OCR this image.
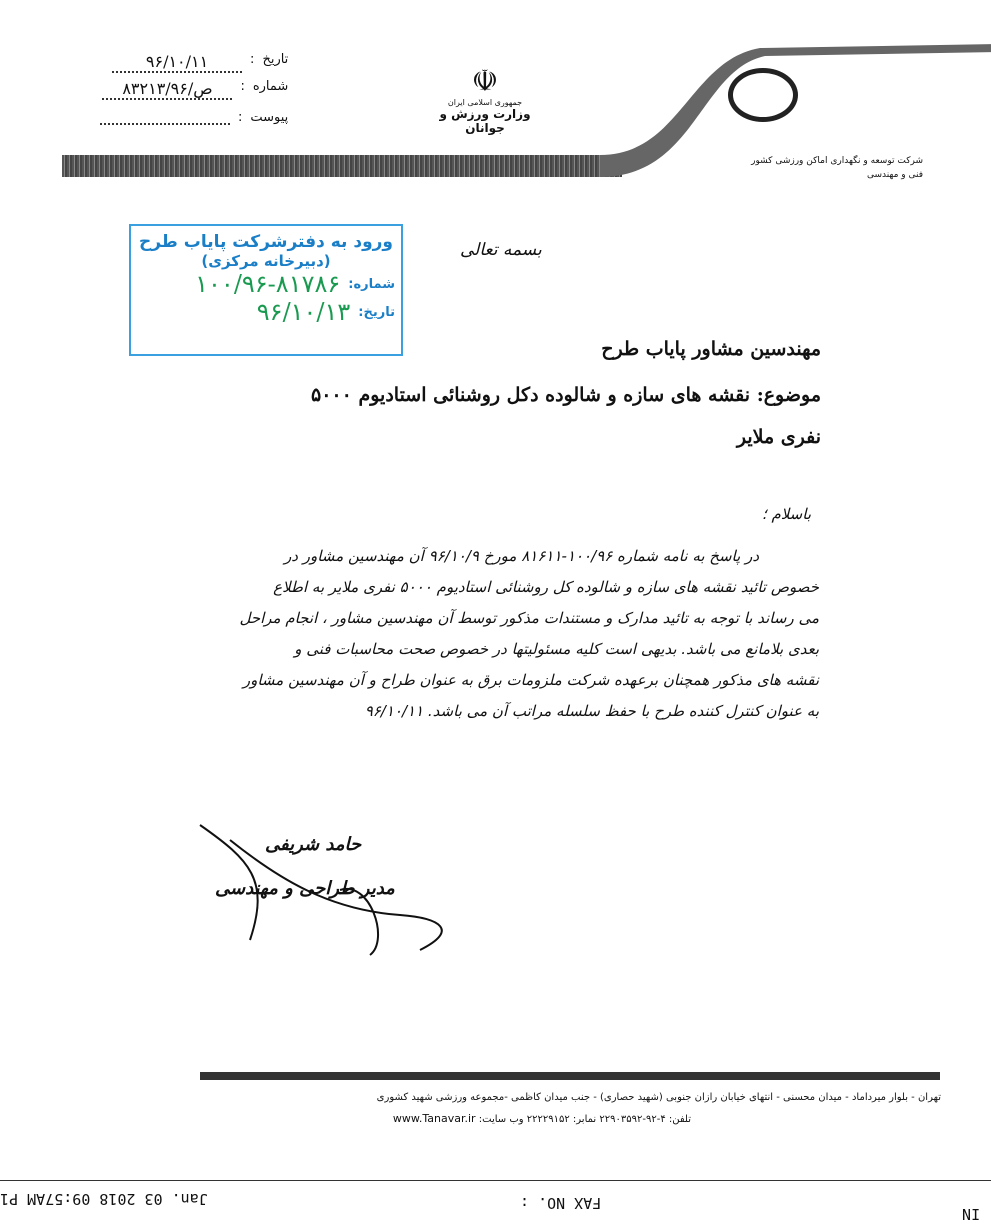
تاریخ
:
۹۶/۱۰/۱۱
شماره
:
۸۳۲۱۳/۹۶/ص
پیوست
:
☫
جمهوری اسلامی ایران
وزارت ورزش و جوانان
شرکت توسعه و نگهداری اماکن ورزشی کشور
فنی و مهندسی
ورود به دفترشرکت پایاب طرح
(دبیرخانه مرکزی)
شماره:
۱۰۰/۹۶-۸۱۷۸۶
تاریخ:
۹۶/۱۰/۱۳
بسمه تعالی
مهندسین مشاور پایاب طرح
موضوع: نقشه های سازه و شالوده دکل روشنائی استادیوم ۵۰۰۰
نفری ملایر
باسلام ؛

در پاسخ به نامه شماره ۱۰۰/۹۶-۸۱۶۱۱ مورخ ۹۶/۱۰/۹ آن مهندسین مشاور در

خصوص تائید نقشه های سازه و شالوده کل روشنائی استادیوم ۵۰۰۰ نفری ملایر به اطلاع

می رساند با توجه به تائید مدارک و مستندات مذکور توسط آن مهندسین مشاور ، انجام مراحل

بعدی بلامانع می باشد. بدیهی است کلیه مسئولیتها در خصوص صحت محاسبات فنی و

نقشه های مذکور همچنان برعهده شرکت ملزومات برق به عنوان طراح و آن مهندسین مشاور

به عنوان کنترل کننده طرح با حفظ سلسله مراتب آن می باشد. ۹۶/۱۰/۱۱

حامد شریفی
مدیر طراحی و مهندسی
تهران - بلوار میرداماد - میدان محسنی - انتهای خیابان رازان جنوبی (شهید حصاری) - جنب میدان کاظمی -مجموعه ورزشی شهید کشوری
تلفن: ۴-۹۲-۲۲۹۰۳۵۹۲ نمابر: ۲۲۲۲۹۱۵۲ وب سایت: www.Tanavar.ir
Jan. 03 2018 09:57AM P1	FAX NO. :
IN
